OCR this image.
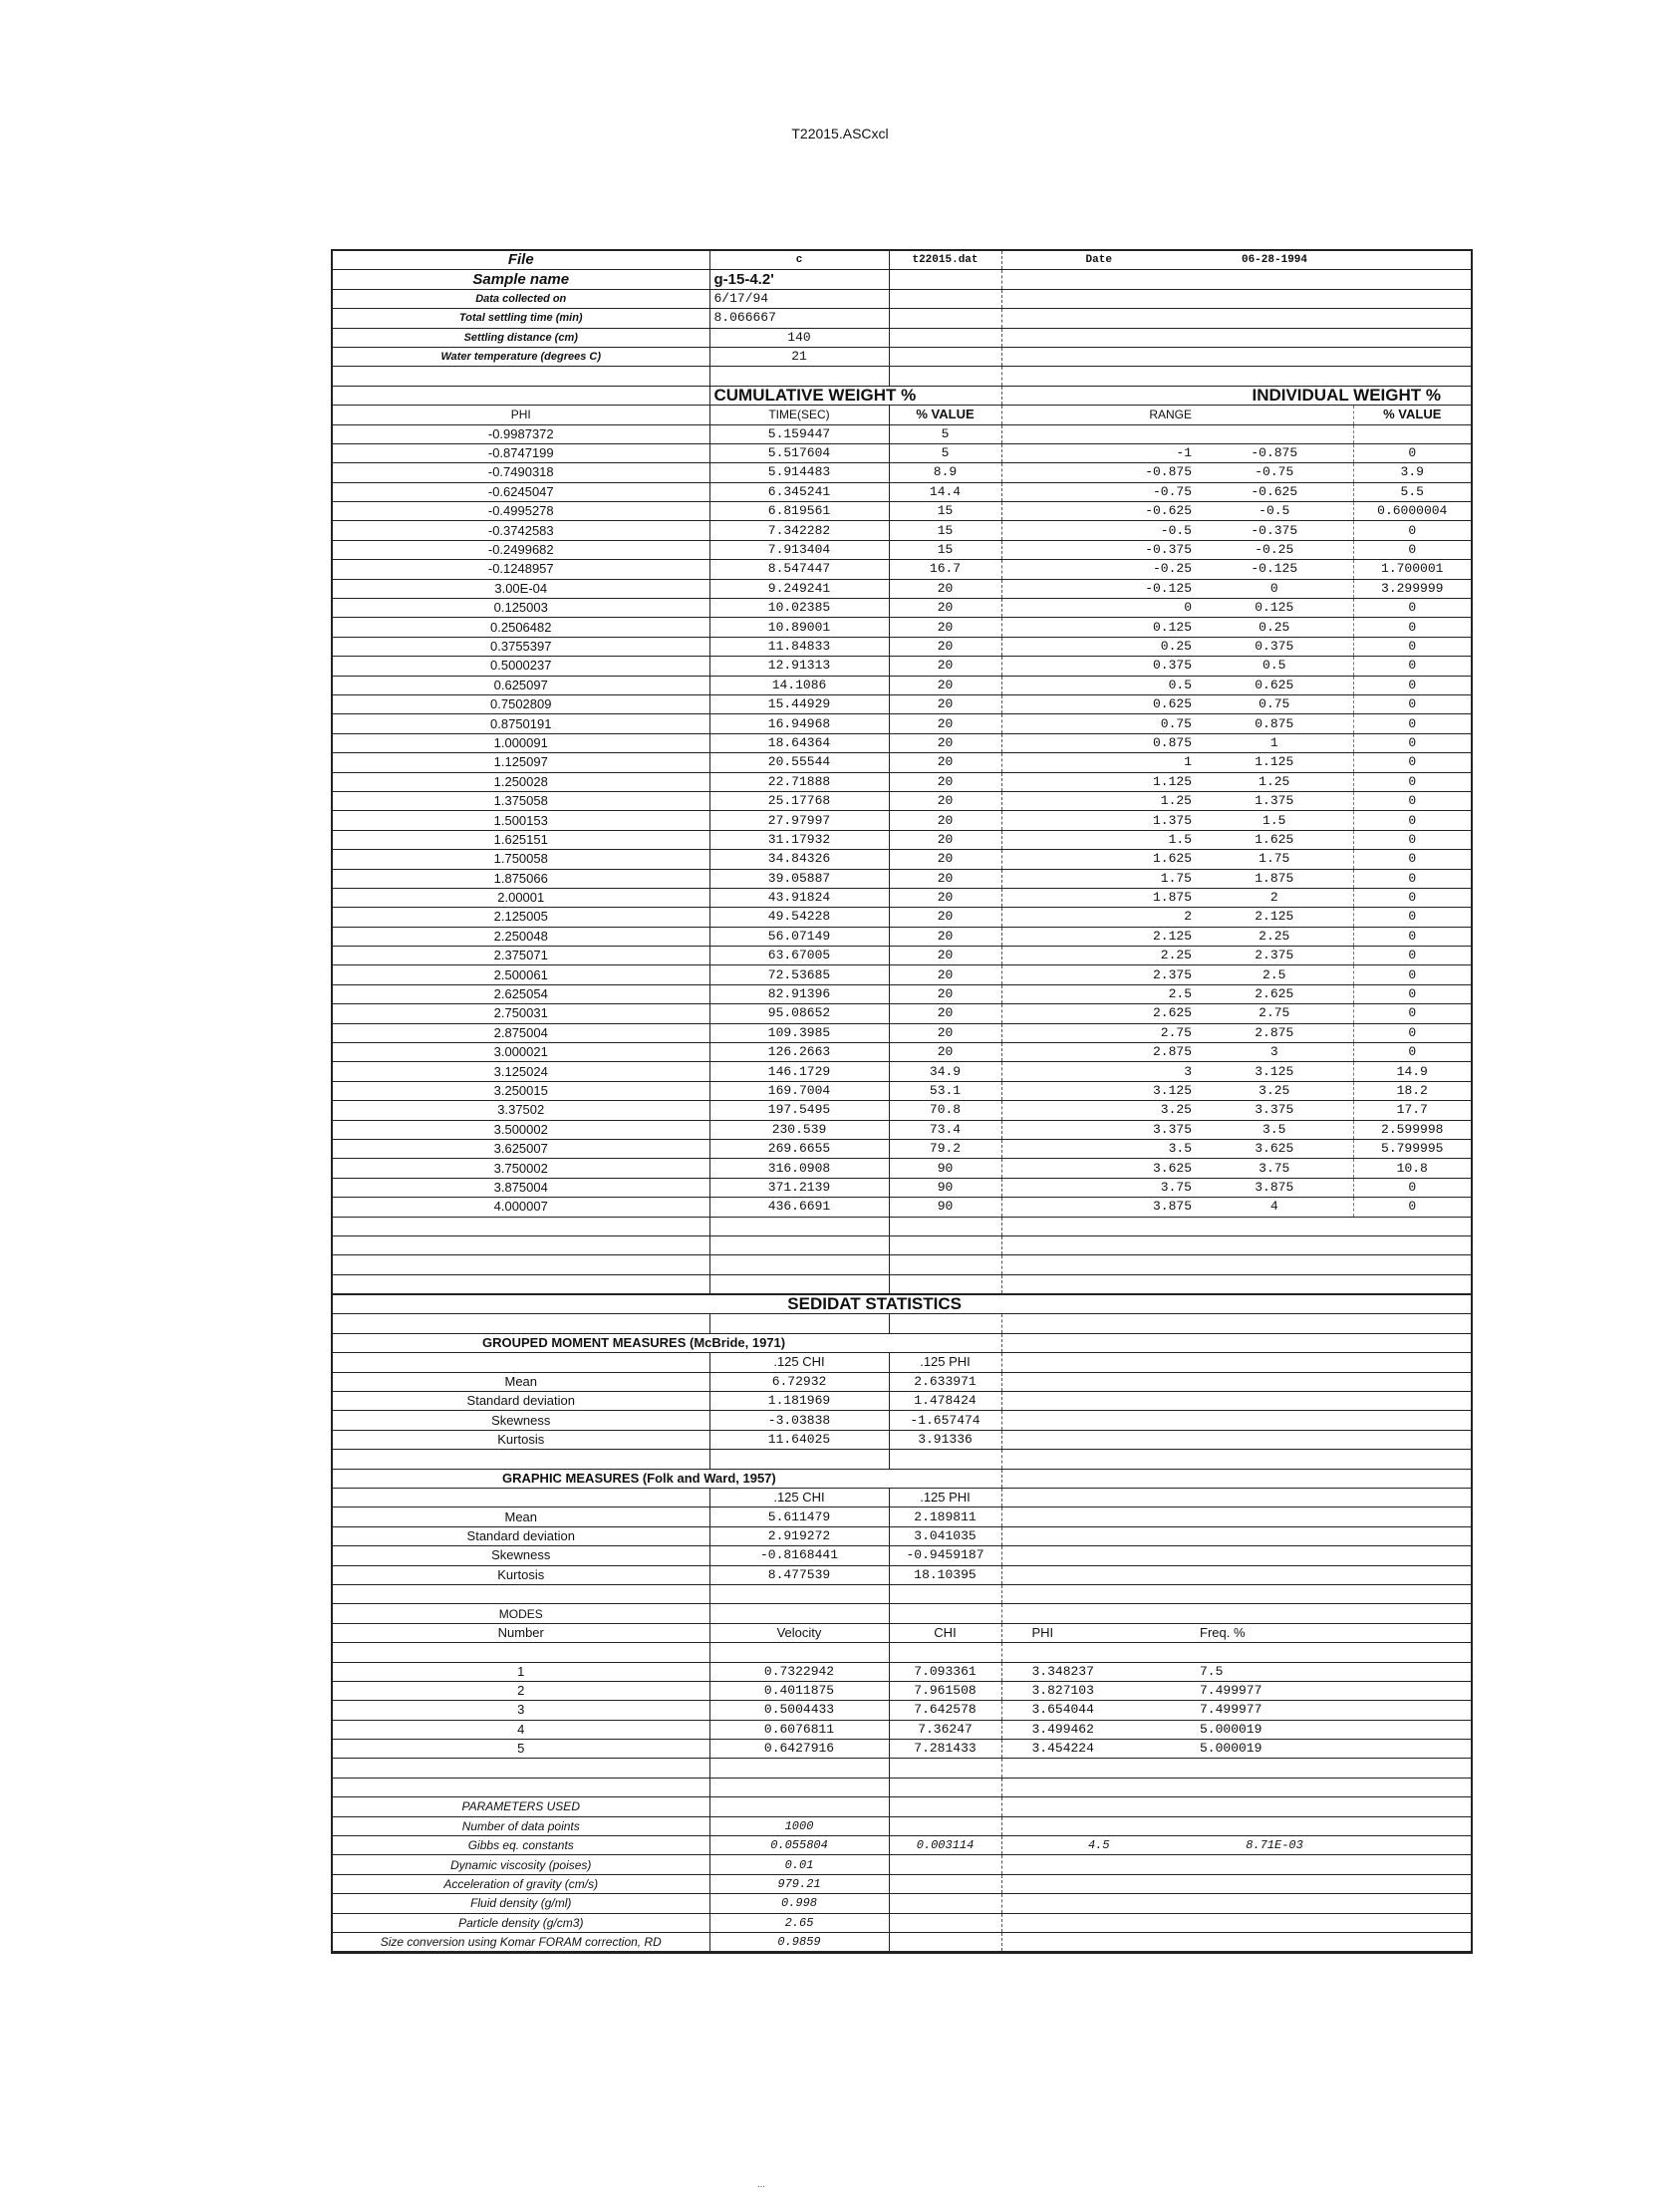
T22015.ASCxcl
File	c	t22015.dat	Date	06-28-1994	
Sample name	g-15-4.2'				
Data collected on	6/17/94				
Total settling time (min)	8.066667				
Settling distance (cm)	140				
Water temperature (degrees C)	21				

	CUMULATIVE WEIGHT %		INDIVIDUAL WEIGHT %		
PHI	TIME(SEC)	% VALUE	RANGE		% VALUE
-0.9987372	5.159447	5			
-0.8747199	5.517604	5	-1	-0.875	0
-0.7490318	5.914483	8.9	-0.875	-0.75	3.9
-0.6245047	6.345241	14.4	-0.75	-0.625	5.5
-0.4995278	6.819561	15	-0.625	-0.5	0.6000004
-0.3742583	7.342282	15	-0.5	-0.375	0
-0.2499682	7.913404	15	-0.375	-0.25	0
-0.1248957	8.547447	16.7	-0.25	-0.125	1.700001
3.00E-04	9.249241	20	-0.125	0	3.299999
0.125003	10.02385	20	0	0.125	0
0.2506482	10.89001	20	0.125	0.25	0
0.3755397	11.84833	20	0.25	0.375	0
0.5000237	12.91313	20	0.375	0.5	0
0.625097	14.1086	20	0.5	0.625	0
0.7502809	15.44929	20	0.625	0.75	0
0.8750191	16.94968	20	0.75	0.875	0
1.000091	18.64364	20	0.875	1	0
1.125097	20.55544	20	1	1.125	0
1.250028	22.71888	20	1.125	1.25	0
1.375058	25.17768	20	1.25	1.375	0
1.500153	27.97997	20	1.375	1.5	0
1.625151	31.17932	20	1.5	1.625	0
1.750058	34.84326	20	1.625	1.75	0
1.875066	39.05887	20	1.75	1.875	0
2.00001	43.91824	20	1.875	2	0
2.125005	49.54228	20	2	2.125	0
2.250048	56.07149	20	2.125	2.25	0
2.375071	63.67005	20	2.25	2.375	0
2.500061	72.53685	20	2.375	2.5	0
2.625054	82.91396	20	2.5	2.625	0
2.750031	95.08652	20	2.625	2.75	0
2.875004	109.3985	20	2.75	2.875	0
3.000021	126.2663	20	2.875	3	0
3.125024	146.1729	34.9	3	3.125	14.9
3.250015	169.7004	53.1	3.125	3.25	18.2
3.37502	197.5495	70.8	3.25	3.375	17.7
3.500002	230.539	73.4	3.375	3.5	2.599998
3.625007	269.6655	79.2	3.5	3.625	5.799995
3.750002	316.0908	90	3.625	3.75	10.8
3.875004	371.2139	90	3.75	3.875	0
4.000007	436.6691	90	3.875	4	0

SEDIDAT STATISTICS					

GROUPED MOMENT MEASURES (McBride, 1971)					
	.125 CHI	.125 PHI			
Mean	6.72932	2.633971			
Standard deviation	1.181969	1.478424			
Skewness	-3.03838	-1.657474			
Kurtosis	11.64025	3.91336			

GRAPHIC MEASURES (Folk and Ward, 1957)					
	.125 CHI	.125 PHI			
Mean	5.611479	2.189811			
Standard deviation	2.919272	3.041035			
Skewness	-0.8168441	-0.9459187			
Kurtosis	8.477539	18.10395			

MODES					
Number	Velocity	CHI	PHI	Freq. %	

1	0.7322942	7.093361	3.348237	7.5	
2	0.4011875	7.961508	3.827103	7.499977	
3	0.5004433	7.642578	3.654044	7.499977	
4	0.6076811	7.36247	3.499462	5.000019	
5	0.6427916	7.281433	3.454224	5.000019	

PARAMETERS USED					
Number of data points	1000				
Gibbs eq. constants	0.055804	0.003114	4.5	8.71E-03	
Dynamic viscosity (poises)	0.01				
Acceleration of gravity (cm/s)	979.21				
Fluid density (g/ml)	0.998				
Particle density (g/cm3)	2.65				
Size conversion using Komar FORAM correction, RD	0.9859				
···
